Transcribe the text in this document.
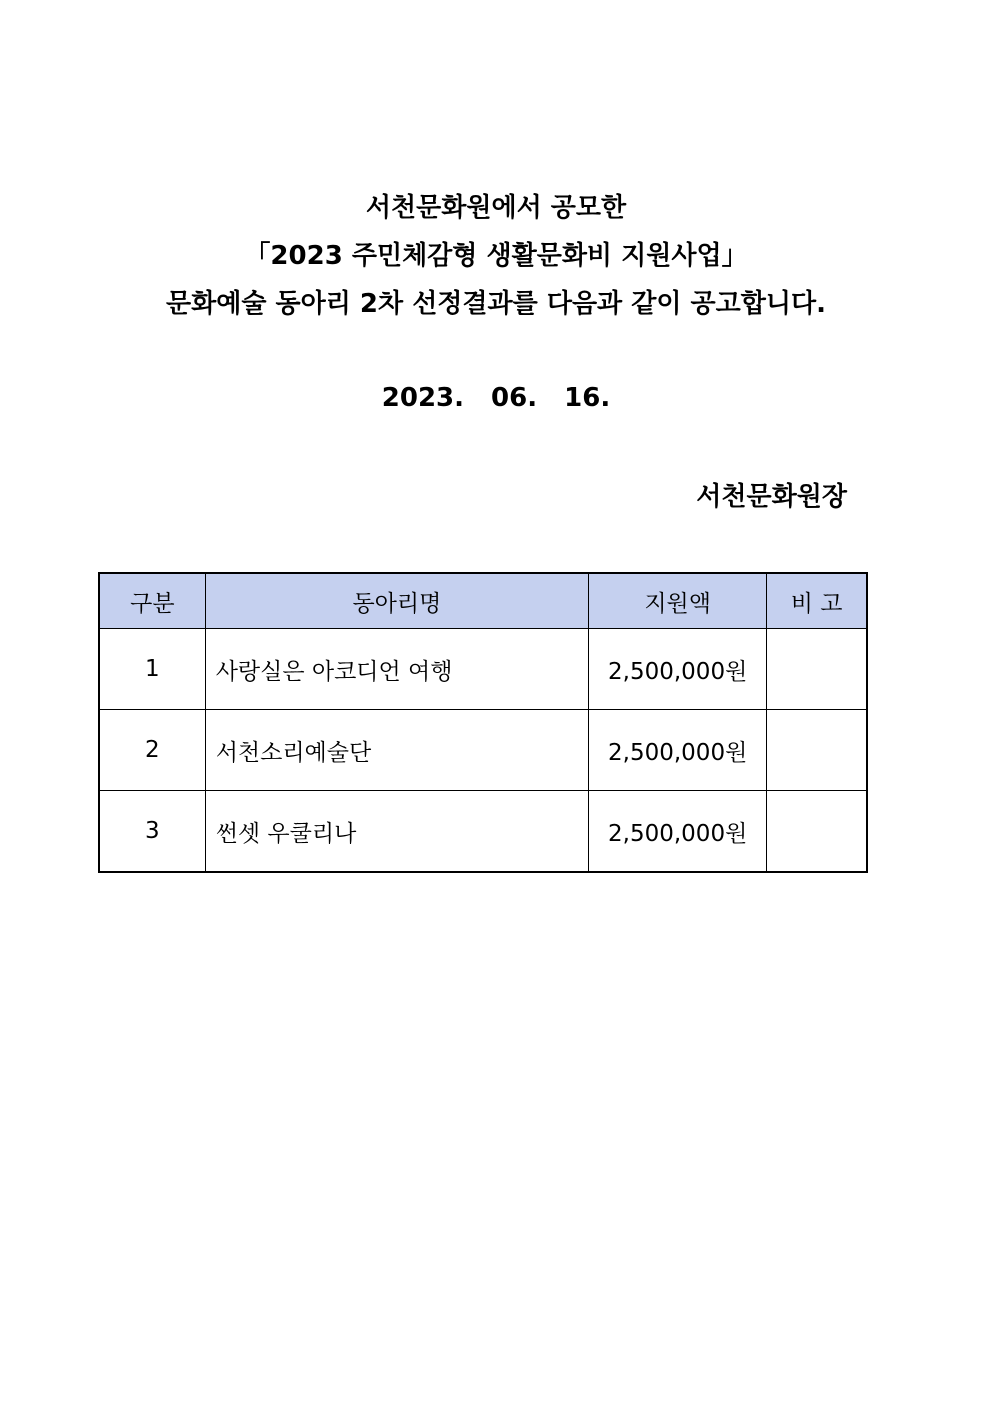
서천문화원에서 공모한
「2023 주민체감형 생활문화비 지원사업」
문화예술 동아리 2차 선정결과를 다음과 같이 공고합니다.
2023. 06. 16.
서천문화원장
구분	동아리명	지원액	비 고
1	사랑실은 아코디언 여행	2,500,000원	
2	서천소리예술단	2,500,000원	
3	썬셋 우쿨리나	2,500,000원	
